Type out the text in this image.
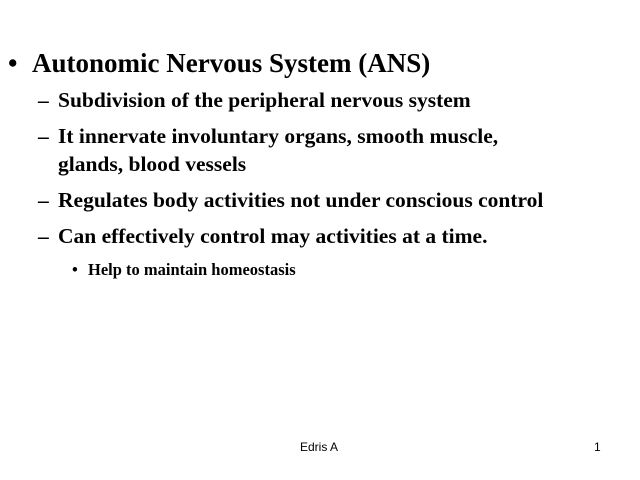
• Autonomic Nervous System (ANS)
– Subdivision of the peripheral nervous system
– It innervate involuntary organs, smooth muscle,
glands, blood vessels
– Regulates body activities not under conscious control
– Can effectively control may activities at a time.
• Help to maintain homeostasis
Edris A	1
